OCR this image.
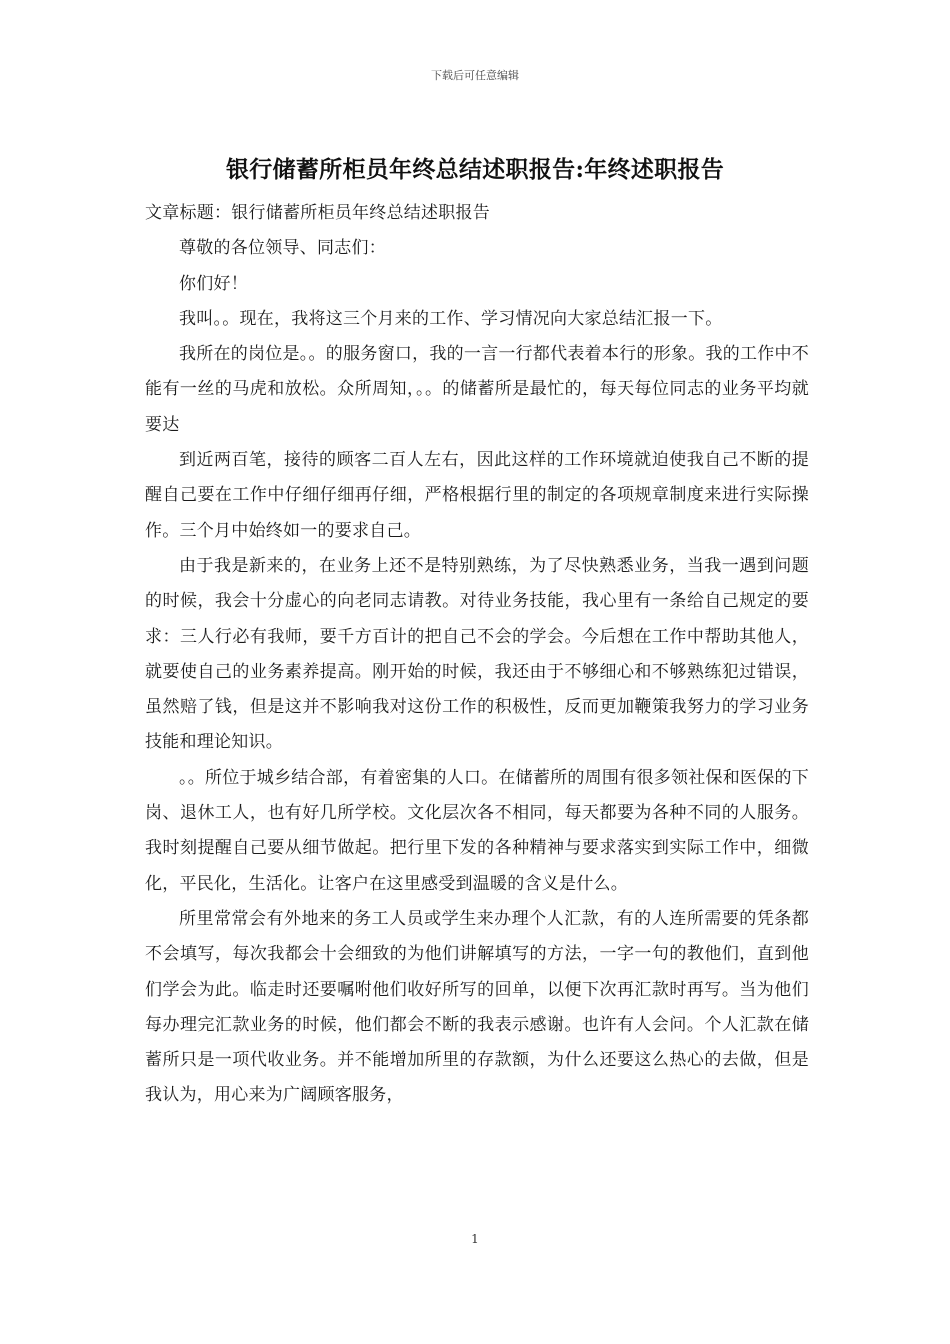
下载后可任意编辑
银行储蓄所柜员年终总结述职报告:年终述职报告

文章标题：银行储蓄所柜员年终总结述职报告

尊敬的各位领导、同志们：

你们好！

我叫。。现在，我将这三个月来的工作、学习情况向大家总结汇报一下。

我所在的岗位是。。的服务窗口，我的一言一行都代表着本行的形象。我的工作中不能有一丝的马虎和放松。众所周知，。。的储蓄所是最忙的，每天每位同志的业务平均就要达

到近两百笔，接待的顾客二百人左右，因此这样的工作环境就迫使我自己不断的提醒自己要在工作中仔细仔细再仔细，严格根据行里的制定的各项规章制度来进行实际操作。三个月中始终如一的要求自己。

由于我是新来的，在业务上还不是特别熟练，为了尽快熟悉业务，当我一遇到问题的时候，我会十分虚心的向老同志请教。对待业务技能，我心里有一条给自己规定的要求：三人行必有我师，要千方百计的把自己不会的学会。今后想在工作中帮助其他人，就要使自己的业务素养提高。刚开始的时候，我还由于不够细心和不够熟练犯过错误，虽然赔了钱，但是这并不影响我对这份工作的积极性，反而更加鞭策我努力的学习业务技能和理论知识。

。。所位于城乡结合部，有着密集的人口。在储蓄所的周围有很多领社保和医保的下岗、退休工人，也有好几所学校。文化层次各不相同，每天都要为各种不同的人服务。我时刻提醒自己要从细节做起。把行里下发的各种精神与要求落实到实际工作中，细微化，平民化，生活化。让客户在这里感受到温暖的含义是什么。

所里常常会有外地来的务工人员或学生来办理个人汇款，有的人连所需要的凭条都不会填写，每次我都会十会细致的为他们讲解填写的方法，一字一句的教他们，直到他们学会为此。临走时还要嘱咐他们收好所写的回单，以便下次再汇款时再写。当为他们每办理完汇款业务的时候，他们都会不断的我表示感谢。也许有人会问。个人汇款在储蓄所只是一项代收业务。并不能增加所里的存款额，为什么还要这么热心的去做，但是我认为，用心来为广阔顾客服务，

1
